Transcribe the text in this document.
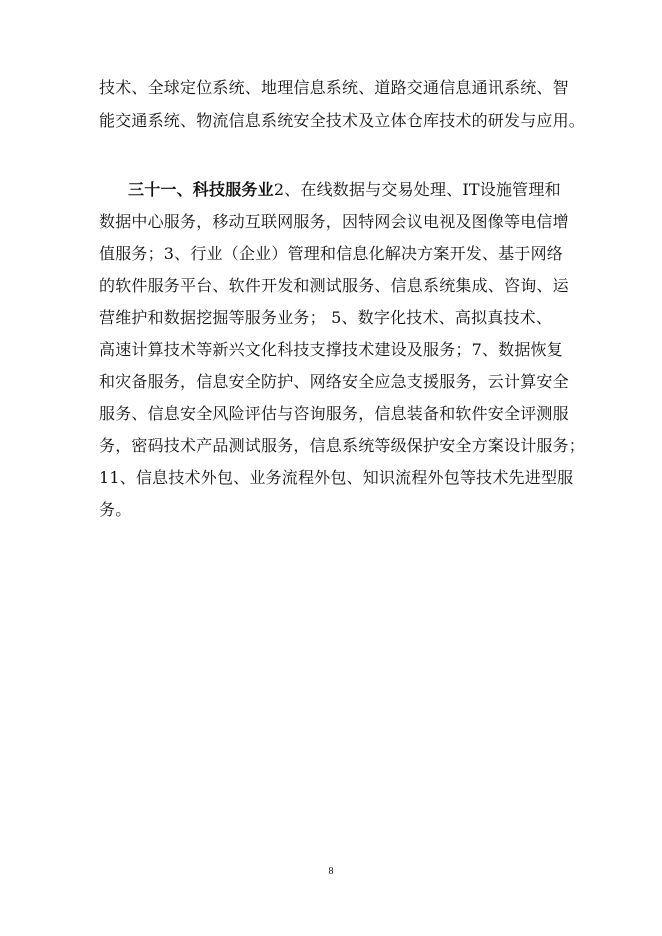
技术、全球定位系统、地理信息系统、道路交通信息通讯系统、智
能交通系统、物流信息系统安全技术及立体仓库技术的研发与应用。
三十一、科技服务业2、在线数据与交易处理、IT设施管理和
数据中心服务，移动互联网服务，因特网会议电视及图像等电信增
值服务；3、行业（企业）管理和信息化解决方案开发、基于网络
的软件服务平台、软件开发和测试服务、信息系统集成、咨询、运
营维护和数据挖掘等服务业务； 5、数字化技术、高拟真技术、
高速计算技术等新兴文化科技支撑技术建设及服务；7、数据恢复
和灾备服务，信息安全防护、网络安全应急支援服务，云计算安全
服务、信息安全风险评估与咨询服务，信息装备和软件安全评测服
务，密码技术产品测试服务，信息系统等级保护安全方案设计服务；
11、信息技术外包、业务流程外包、知识流程外包等技术先进型服
务。
8
